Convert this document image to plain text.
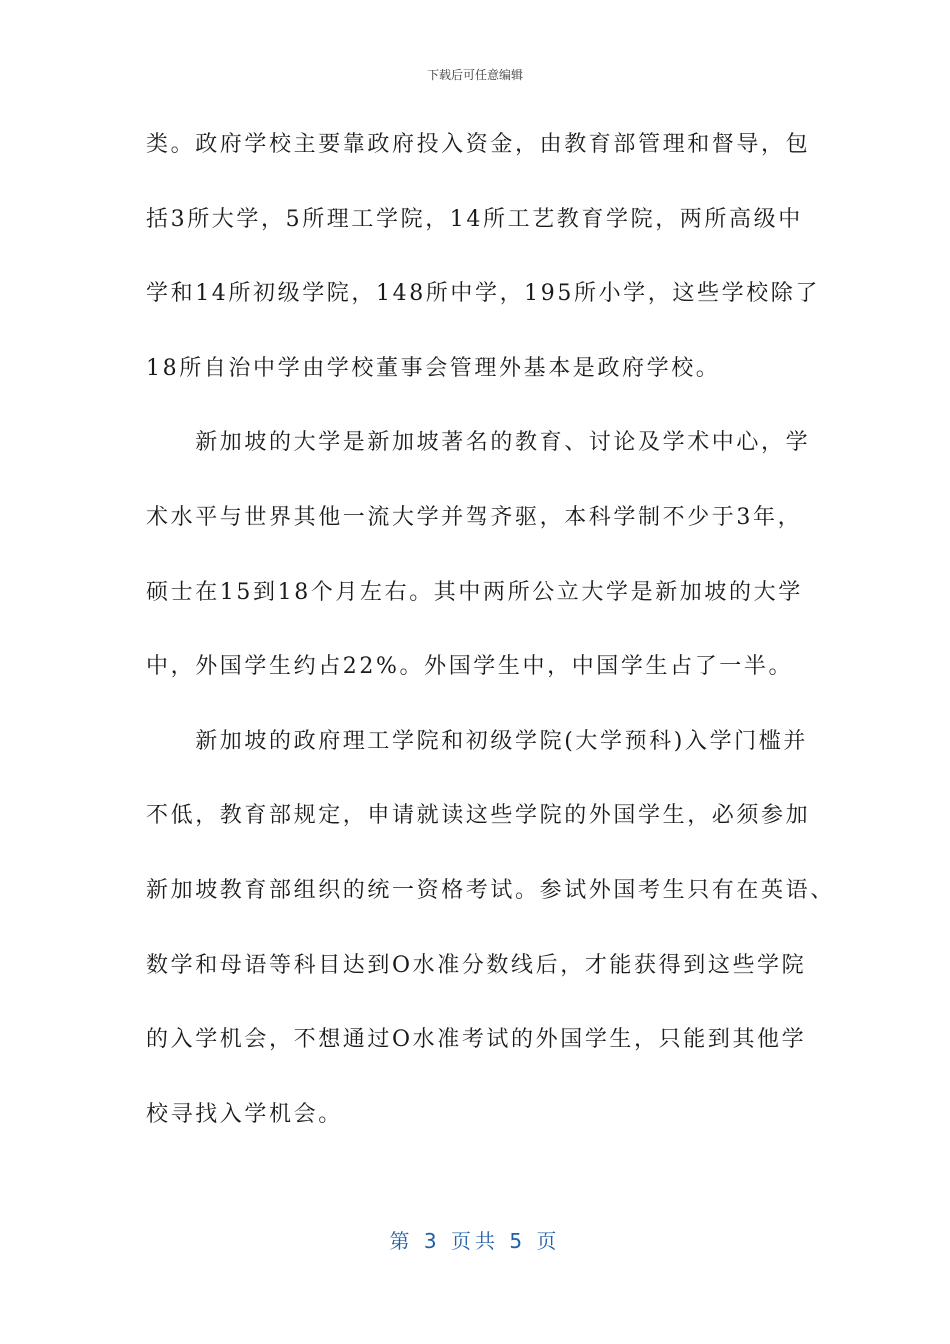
下载后可任意编辑
类。政府学校主要靠政府投入资金，由教育部管理和督导，包
括3所大学，5所理工学院，14所工艺教育学院，两所高级中
学和14所初级学院，148所中学，195所小学，这些学校除了
18所自治中学由学校董事会管理外基本是政府学校。
　　新加坡的大学是新加坡著名的教育、讨论及学术中心，学
术水平与世界其他一流大学并驾齐驱，本科学制不少于3年，
硕士在15到18个月左右。其中两所公立大学是新加坡的大学
中，外国学生约占22%。外国学生中，中国学生占了一半。
　　新加坡的政府理工学院和初级学院(大学预科)入学门槛并
不低，教育部规定，申请就读这些学院的外国学生，必须参加
新加坡教育部组织的统一资格考试。参试外国考生只有在英语、
数学和母语等科目达到O水准分数线后，才能获得到这些学院
的入学机会，不想通过O水准考试的外国学生，只能到其他学
校寻找入学机会。
第 3 页共 5 页
